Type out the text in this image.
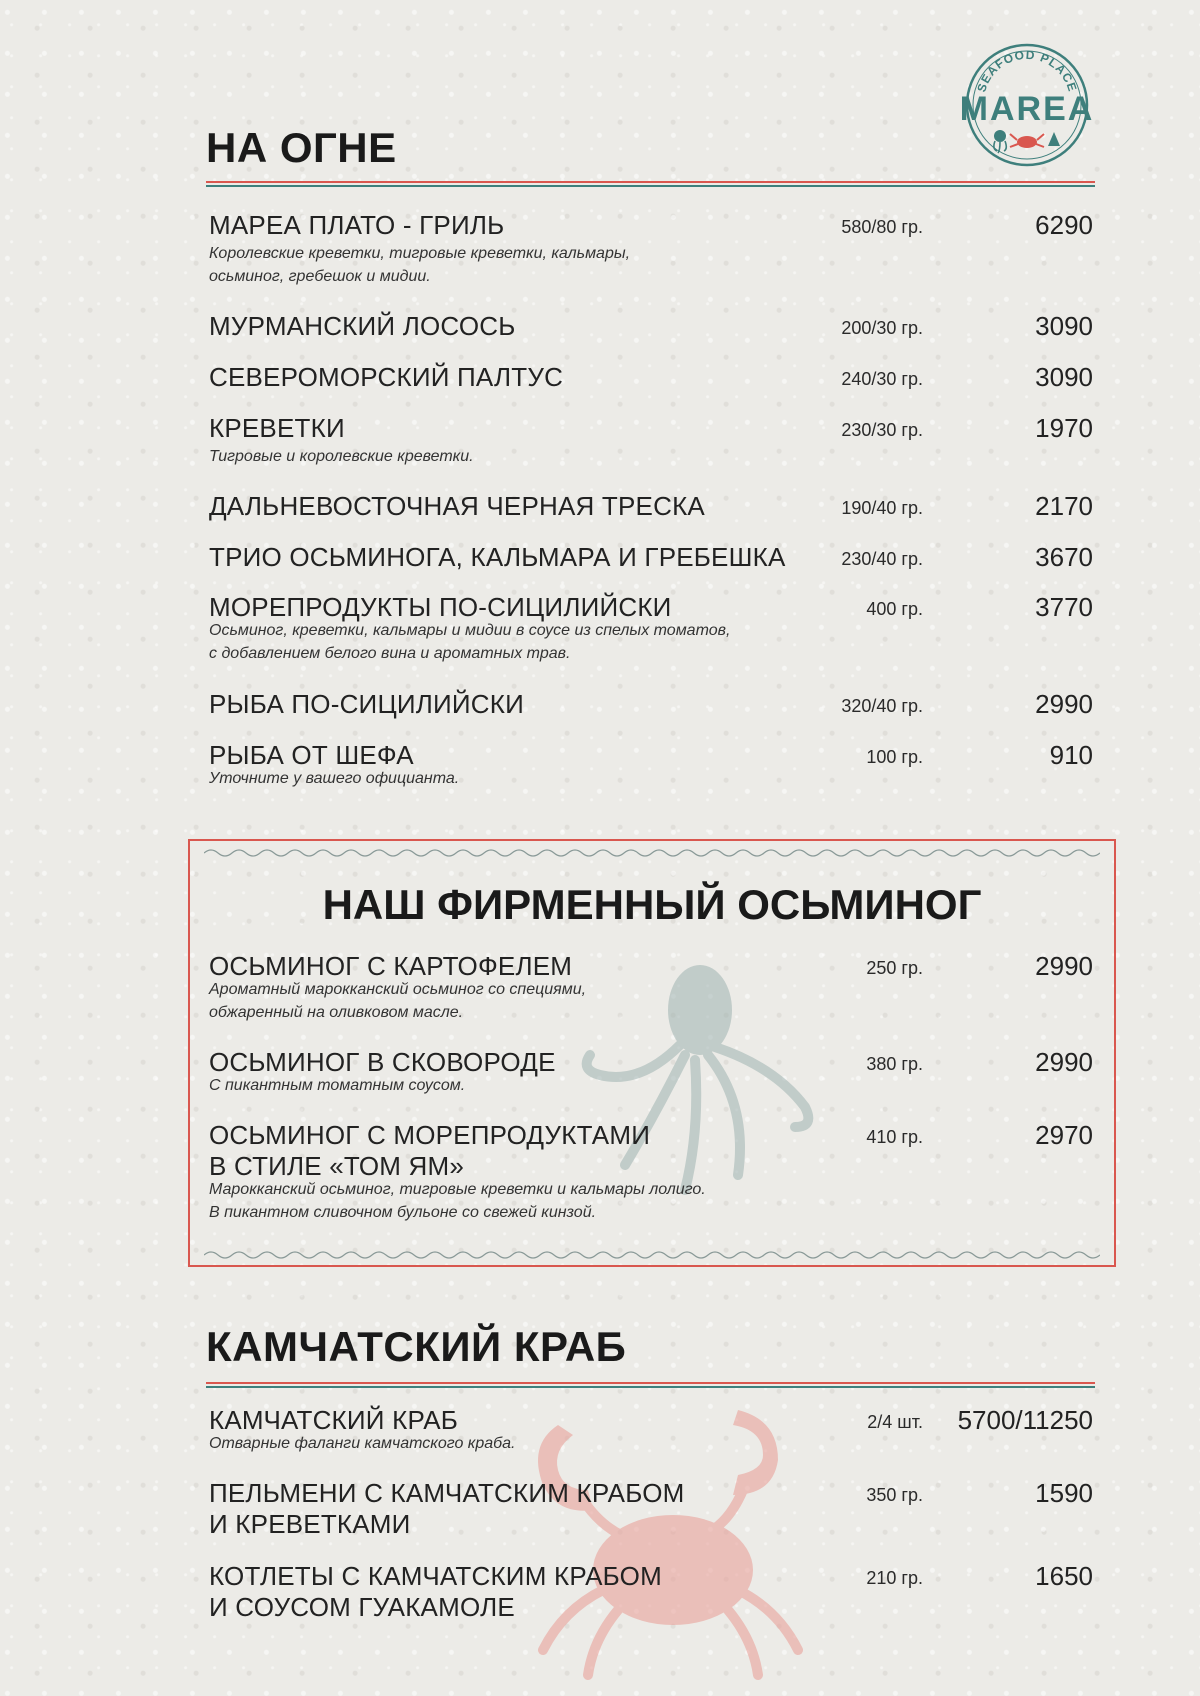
SEAFOOD PLACE
MAREA
НА ОГНЕ
МАРЕА ПЛАТО - ГРИЛЬ
Королевские креветки, тигровые креветки, кальмары,
осьминог, гребешок и мидии.
580/80 гр.	6290
МУРМАНСКИЙ ЛОСОСЬ	200/30 гр.	3090
СЕВЕРОМОРСКИЙ ПАЛТУС	240/30 гр.	3090
КРЕВЕТКИ
Тигровые и королевские креветки.
230/30 гр.	1970
ДАЛЬНЕВОСТОЧНАЯ ЧЕРНАЯ ТРЕСКА	190/40 гр.	2170
ТРИО ОСЬМИНОГА, КАЛЬМАРА И ГРЕБЕШКА	230/40 гр.	3670
МОРЕПРОДУКТЫ ПО-СИЦИЛИЙСКИ
Осьминог, креветки, кальмары и мидии в соусе из спелых томатов,
с добавлением белого вина и ароматных трав.
400 гр.	3770
РЫБА ПО-СИЦИЛИЙСКИ	320/40 гр.	2990
РЫБА ОТ ШЕФА
Уточните у вашего официанта.
100 гр.	910
НАШ ФИРМЕННЫЙ ОСЬМИНОГ
ОСЬМИНОГ С КАРТОФЕЛЕМ
Ароматный марокканский осьминог со специями,
обжаренный на оливковом масле.
250 гр.	2990
ОСЬМИНОГ В СКОВОРОДЕ
С пикантным томатным соусом.
380 гр.	2990
ОСЬМИНОГ С МОРЕПРОДУКТАМИ
В СТИЛЕ «ТОМ ЯМ»
Марокканский осьминог, тигровые креветки и кальмары лолиго.
В пикантном сливочном бульоне со свежей кинзой.
410 гр.	2970
КАМЧАТСКИЙ КРАБ
КАМЧАТСКИЙ КРАБ
Отварные фаланги камчатского краба.
2/4 шт. 5700/11250
ПЕЛЬМЕНИ С КАМЧАТСКИМ КРАБОМ
И КРЕВЕТКАМИ
350 гр.	1590
КОТЛЕТЫ С КАМЧАТСКИМ КРАБОМ
И СОУСОМ ГУАКАМОЛЕ
210 гр.	1650
